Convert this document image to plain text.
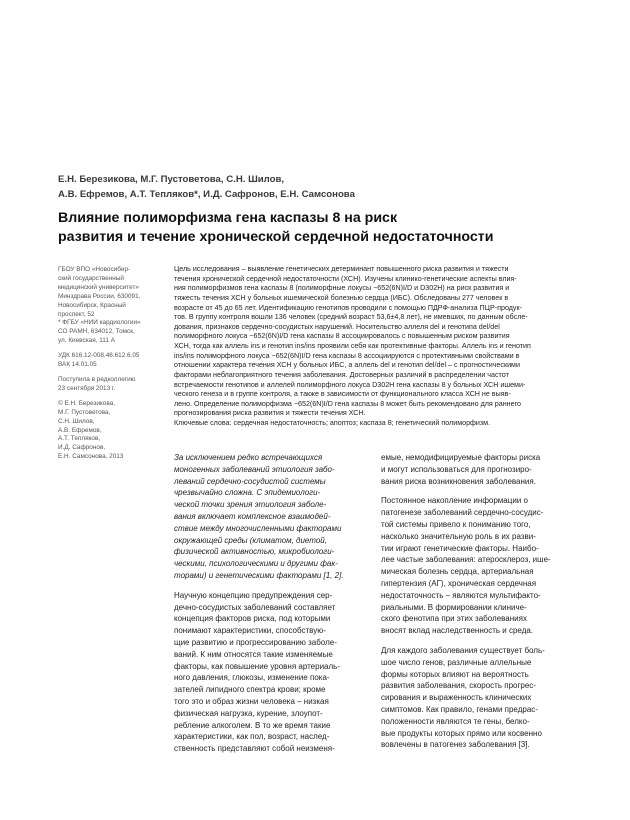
Е.Н. Березикова, М.Г. Пустоветова, С.Н. Шилов,
А.В. Ефремов, А.Т. Тепляков*, И.Д. Сафронов, Е.Н. Самсонова
Влияние полиморфизма гена каспазы 8 на риск
развития и течение хронической сердечной недостаточности
ГБОУ ВПО «Новосибир-
ский государственный
медицинский университет»
Минздрава России, 630091,
Новосибирск, Красный
проспект, 52
* ФГБУ «НИИ кардиологии»
СО РАМН, 634012, Томск,
ул. Киевская, 111 А
УДК 616.12-008.46:612.6.05
ВАК 14.01.05
Поступила в редколлегию
23 сентября 2013 г.
© Е.Н. Березикова,
М.Г. Пустоветова,
С.Н. Шилов,
А.В. Ефремов,
А.Т. Тепляков,
И.Д. Сафронов,
Е.Н. Самсонова, 2013
Цель исследования – выявление генетических детерминант повышенного риска развития и тяжести
течения хронической сердечной недостаточности (ХСН). Изучены клинико-генетические аспекты влия-
ния полиморфизмов гена каспазы 8 (полиморфные локусы −652(6N)I/D и D302H) на риск развития и
тяжесть течения ХСН у больных ишемической болезнью сердца (ИБС). Обследованы 277 человек в
возрасте от 45 до 65 лет. Идентификацию генотипов проводили с помощью ПДРФ-анализа ПЦР-продук-
тов. В группу контроля вошли 136 человек (средний возраст 53,6±4,8 лет), не имевших, по данным обсле-
дования, признаков сердечно-сосудистых нарушений. Носительство аллеля del и генотипа del/del
полиморфного локуса −652(6N)I/D гена каспазы 8 ассоциировалось с повышенным риском развития
ХСН, тогда как аллель ins и генотип ins/ins проявили себя как протективные факторы. Аллель ins и генотип
ins/ins полиморфного локуса −652(6N)I/D гена каспазы 8 ассоциируются с протективными свойствами в
отношении характера течения ХСН у больных ИБС, а аллель del и генотип del/del – с прогностическими
факторами неблагоприятного течения заболевания. Достоверных различий в распределении частот
встречаемости генотипов и аллелей полиморфного локуса D302H гена каспазы 8 у больных ХСН ишеми-
ческого генеза и в группе контроля, а также в зависимости от функционального класса ХСН не выяв-
лено. Определение полиморфизма −652(6N)I/D гена каспазы 8 может быть рекомендовано для раннего
прогнозирования риска развития и тяжести течения ХСН.
Ключевые слова: сердечная недостаточность; апоптоз; каспаза 8; генетический полиморфизм.
За исключением редко встречающихся
моногенных заболеваний этиология забо-
леваний сердечно-сосудистой системы
чрезвычайно сложна. С эпидемиологи-
ческой точки зрения этиология заболе-
вания включает комплексное взаимодей-
ствие между многочисленными факторами
окружающей среды (климатом, диетой,
физической активностью, микробиологи-
ческими, психологическими и другими фак-
торами) и генетическими факторами [1, 2].
Научную концепцию предупреждения сер-
дечно-сосудистых заболеваний составляет
концепция факторов риска, под которыми
понимают характеристики, способствую-
щие развитию и прогрессированию заболе-
ваний. К ним относятся такие изменяемые
факторы, как повышение уровня артериаль-
ного давления, глюкозы, изменение пока-
зателей липидного спектра крови; кроме
того это и образ жизни человека – низкая
физическая нагрузка, курение, злоупот-
ребление алкоголем. В то же время такие
характеристики, как пол, возраст, наслед-
ственность представляют собой неизменя-
емые, немодифицируемые факторы риска
и могут использоваться для прогнозиро-
вания риска возникновения заболевания.
Постоянное накопление информации о
патогенезе заболеваний сердечно-сосудис-
той системы привело к пониманию того,
насколько значительную роль в их разви-
тии играют генетические факторы. Наибо-
лее частые заболевания: атеросклероз, ише-
мическая болезнь сердца, артериальная
гипертензия (АГ), хроническая сердечная
недостаточность – являются мультифакто-
риальными. В формировании клиниче-
ского фенотипа при этих заболеваниях
вносят вклад наследственность и среда.
Для каждого заболевания существует боль-
шое число генов, различные аллельные
формы которых влияют на вероятность
развития заболевания, скорость прогрес-
сирования и выраженность клинических
симптомов. Как правило, генами предрас-
положенности являются те гены, белко-
вые продукты которых прямо или косвенно
вовлечены в патогенез заболевания [3].
